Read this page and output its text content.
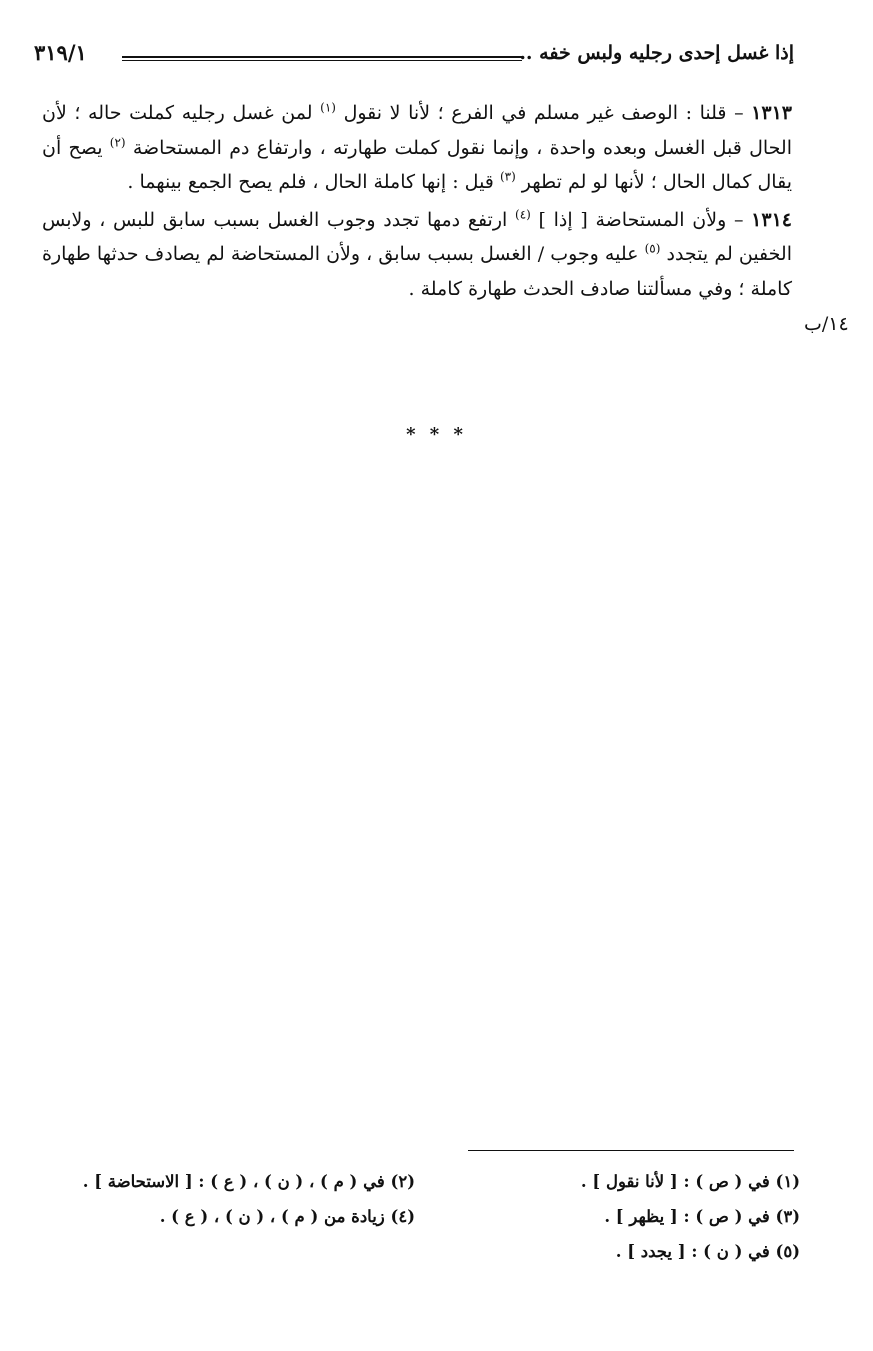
إذا غسل إحدى رجليه ولبس خفه ..
٣١٩/١

١٣١٣ – قلنا : الوصف غير مسلم في الفرع ؛ لأنا لا نقول $^{(١)}$ لمن غسل رجليه كملت حاله ؛ لأن الحال قبل الغسل وبعده واحدة ، وإنما نقول كملت طهارته ، وارتفاع دم المستحاضة $^{(٢)}$ يصح أن يقال كمال الحال ؛ لأنها لو لم تطهر $^{(٣)}$ قيل : إنها كاملة الحال ، فلم يصح الجمع بينهما .

١٣١٤ – ولأن المستحاضة [ إذا ] $^{(٤)}$ ارتفع دمها تجدد وجوب الغسل بسبب سابق للبس ، ولابس الخفين لم يتجدد $^{(٥)}$ عليه وجوب / الغسل بسبب سابق ، ولأن المستحاضة لم يصادف حدثها طهارة كاملة ؛ وفي مسألتنا صادف الحدث طهارة كاملة .

١٤/ب
* * *
(١) في ( ص ) : [ لأنا نقول ] .
(٣) في ( ص ) : [ يظهر ] .
(٥) في ( ن ) : [ يجدد ] .
(٢) في ( م ) ، ( ن ) ، ( ع ) : [ الاستحاضة ] .
(٤) زيادة من ( م ) ، ( ن ) ، ( ع ) .
